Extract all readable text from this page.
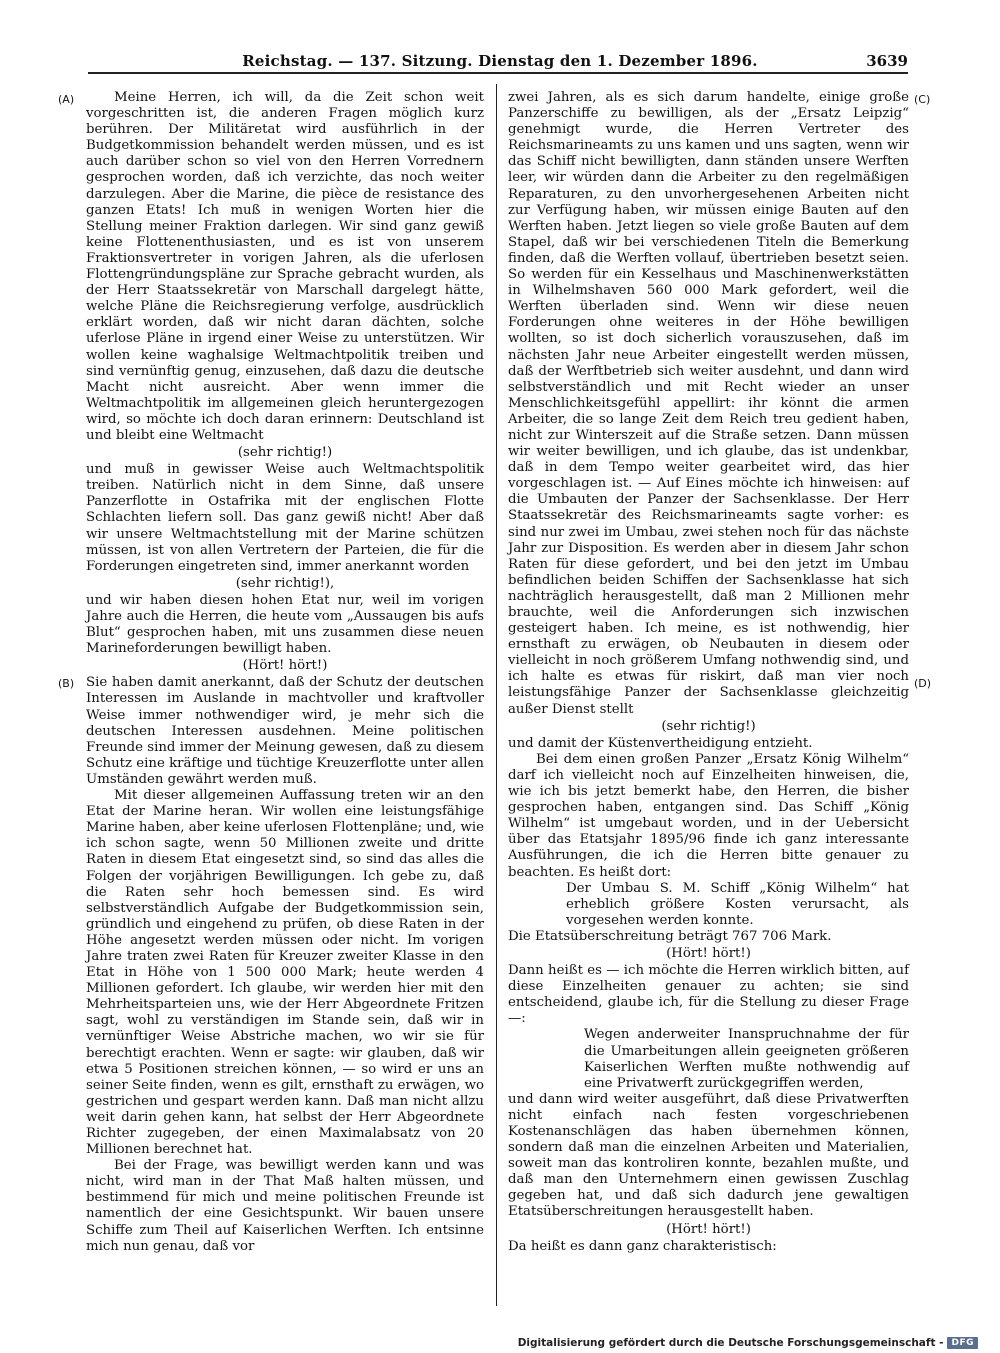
Reichstag. — 137. Sitzung. Dienstag den 1. Dezember 1896.	3639
(A)
(B)
(C)
(D)

Meine Herren, ich will, da die Zeit schon weit vorgeschritten ist, die anderen Fragen möglich kurz berühren. Der Militäretat wird ausführlich in der Budgetkommission behandelt werden müssen, und es ist auch darüber schon so viel von den Herren Vorrednern gesprochen worden, daß ich verzichte, das noch weiter darzulegen. Aber die Marine, die pièce de resistance des ganzen Etats! Ich muß in wenigen Worten hier die Stellung meiner Fraktion darlegen. Wir sind ganz gewiß keine Flottenenthusiasten, und es ist von unserem Fraktionsvertreter in vorigen Jahren, als die uferlosen Flottengründungspläne zur Sprache gebracht wurden, als der Herr Staatssekretär von Marschall dargelegt hätte, welche Pläne die Reichsregierung verfolge, ausdrücklich erklärt worden, daß wir nicht daran dächten, solche uferlose Pläne in irgend einer Weise zu unterstützen. Wir wollen keine waghalsige Weltmachtpolitik treiben und sind vernünftig genug, einzusehen, daß dazu die deutsche Macht nicht ausreicht. Aber wenn immer die Weltmachtpolitik im allgemeinen gleich heruntergezogen wird, so möchte ich doch daran erinnern: Deutschland ist und bleibt eine Weltmacht

(sehr richtig!)

und muß in gewisser Weise auch Weltmachtspolitik treiben. Natürlich nicht in dem Sinne, daß unsere Panzerflotte in Ostafrika mit der englischen Flotte Schlachten liefern soll. Das ganz gewiß nicht! Aber daß wir unsere Weltmachtstellung mit der Marine schützen müssen, ist von allen Vertretern der Parteien, die für die Forderungen eingetreten sind, immer anerkannt worden

(sehr richtig!),

und wir haben diesen hohen Etat nur, weil im vorigen Jahre auch die Herren, die heute vom „Aussaugen bis aufs Blut“ gesprochen haben, mit uns zusammen diese neuen Marineforderungen bewilligt haben.

(Hört! hört!)

Sie haben damit anerkannt, daß der Schutz der deutschen Interessen im Auslande in machtvoller und kraftvoller Weise immer nothwendiger wird, je mehr sich die deutschen Interessen ausdehnen. Meine politischen Freunde sind immer der Meinung gewesen, daß zu diesem Schutz eine kräftige und tüchtige Kreuzerflotte unter allen Umständen gewährt werden muß.

Mit dieser allgemeinen Auffassung treten wir an den Etat der Marine heran. Wir wollen eine leistungsfähige Marine haben, aber keine uferlosen Flottenpläne; und, wie ich schon sagte, wenn 50 Millionen zweite und dritte Raten in diesem Etat eingesetzt sind, so sind das alles die Folgen der vorjährigen Bewilligungen. Ich gebe zu, daß die Raten sehr hoch bemessen sind. Es wird selbstverständlich Aufgabe der Budgetkommission sein, gründlich und eingehend zu prüfen, ob diese Raten in der Höhe angesetzt werden müssen oder nicht. Im vorigen Jahre traten zwei Raten für Kreuzer zweiter Klasse in den Etat in Höhe von 1 500 000 Mark; heute werden 4 Millionen gefordert. Ich glaube, wir werden hier mit den Mehrheitsparteien uns, wie der Herr Abgeordnete Fritzen sagt, wohl zu verständigen im Stande sein, daß wir in vernünftiger Weise Abstriche machen, wo wir sie für berechtigt erachten. Wenn er sagte: wir glauben, daß wir etwa 5 Positionen streichen können, — so wird er uns an seiner Seite finden, wenn es gilt, ernsthaft zu erwägen, wo gestrichen und gespart werden kann. Daß man nicht allzu weit darin gehen kann, hat selbst der Herr Abgeordnete Richter zugegeben, der einen Maximalabsatz von 20 Millionen berechnet hat.

Bei der Frage, was bewilligt werden kann und was nicht, wird man in der That Maß halten müssen, und bestimmend für mich und meine politischen Freunde ist namentlich der eine Gesichtspunkt. Wir bauen unsere Schiffe zum Theil auf Kaiserlichen Werften. Ich entsinne mich nun genau, daß vor

zwei Jahren, als es sich darum handelte, einige große Panzerschiffe zu bewilligen, als der „Ersatz Leipzig“ genehmigt wurde, die Herren Vertreter des Reichsmarineamts zu uns kamen und uns sagten, wenn wir das Schiff nicht bewilligten, dann ständen unsere Werften leer, wir würden dann die Arbeiter zu den regelmäßigen Reparaturen, zu den unvorhergesehenen Arbeiten nicht zur Verfügung haben, wir müssen einige Bauten auf den Werften haben. Jetzt liegen so viele große Bauten auf dem Stapel, daß wir bei verschiedenen Titeln die Bemerkung finden, daß die Werften vollauf, übertrieben besetzt seien. So werden für ein Kesselhaus und Maschinenwerkstätten in Wilhelmshaven 560 000 Mark gefordert, weil die Werften überladen sind. Wenn wir diese neuen Forderungen ohne weiteres in der Höhe bewilligen wollten, so ist doch sicherlich vorauszusehen, daß im nächsten Jahr neue Arbeiter eingestellt werden müssen, daß der Werftbetrieb sich weiter ausdehnt, und dann wird selbstverständlich und mit Recht wieder an unser Menschlichkeitsgefühl appellirt: ihr könnt die armen Arbeiter, die so lange Zeit dem Reich treu gedient haben, nicht zur Winterszeit auf die Straße setzen. Dann müssen wir weiter bewilligen, und ich glaube, das ist undenkbar, daß in dem Tempo weiter gearbeitet wird, das hier vorgeschlagen ist. — Auf Eines möchte ich hinweisen: auf die Umbauten der Panzer der Sachsenklasse. Der Herr Staatssekretär des Reichsmarineamts sagte vorher: es sind nur zwei im Umbau, zwei stehen noch für das nächste Jahr zur Disposition. Es werden aber in diesem Jahr schon Raten für diese gefordert, und bei den jetzt im Umbau befindlichen beiden Schiffen der Sachsenklasse hat sich nachträglich herausgestellt, daß man 2 Millionen mehr brauchte, weil die Anforderungen sich inzwischen gesteigert haben. Ich meine, es ist nothwendig, hier ernsthaft zu erwägen, ob Neubauten in diesem oder vielleicht in noch größerem Umfang nothwendig sind, und ich halte es etwas für riskirt, daß man vier noch leistungsfähige Panzer der Sachsenklasse gleichzeitig außer Dienst stellt

(sehr richtig!)

und damit der Küstenvertheidigung entzieht.

Bei dem einen großen Panzer „Ersatz König Wilhelm“ darf ich vielleicht noch auf Einzelheiten hinweisen, die, wie ich bis jetzt bemerkt habe, den Herren, die bisher gesprochen haben, entgangen sind. Das Schiff „König Wilhelm“ ist umgebaut worden, und in der Uebersicht über das Etatsjahr 1895/96 finde ich ganz interessante Ausführungen, die ich die Herren bitte genauer zu beachten. Es heißt dort:

Der Umbau S. M. Schiff „König Wilhelm“ hat erheblich größere Kosten verursacht, als vorgesehen werden konnte.

Die Etatsüberschreitung beträgt 767 706 Mark.

(Hört! hört!)

Dann heißt es — ich möchte die Herren wirklich bitten, auf diese Einzelheiten genauer zu achten; sie sind entscheidend, glaube ich, für die Stellung zu dieser Frage —:

Wegen anderweiter Inanspruchnahme der für die Umarbeitungen allein geeigneten größeren Kaiserlichen Werften mußte nothwendig auf eine Privatwerft zurückgegriffen werden,

und dann wird weiter ausgeführt, daß diese Privatwerften nicht einfach nach festen vorgeschriebenen Kostenanschlägen das haben übernehmen können, sondern daß man die einzelnen Arbeiten und Materialien, soweit man das kontroliren konnte, bezahlen mußte, und daß man den Unternehmern einen gewissen Zuschlag gegeben hat, und daß sich dadurch jene gewaltigen Etatsüberschreitungen herausgestellt haben.

(Hört! hört!)

Da heißt es dann ganz charakteristisch:

Digitalisierung gefördert durch die Deutsche Forschungsgemeinschaft - DFG
